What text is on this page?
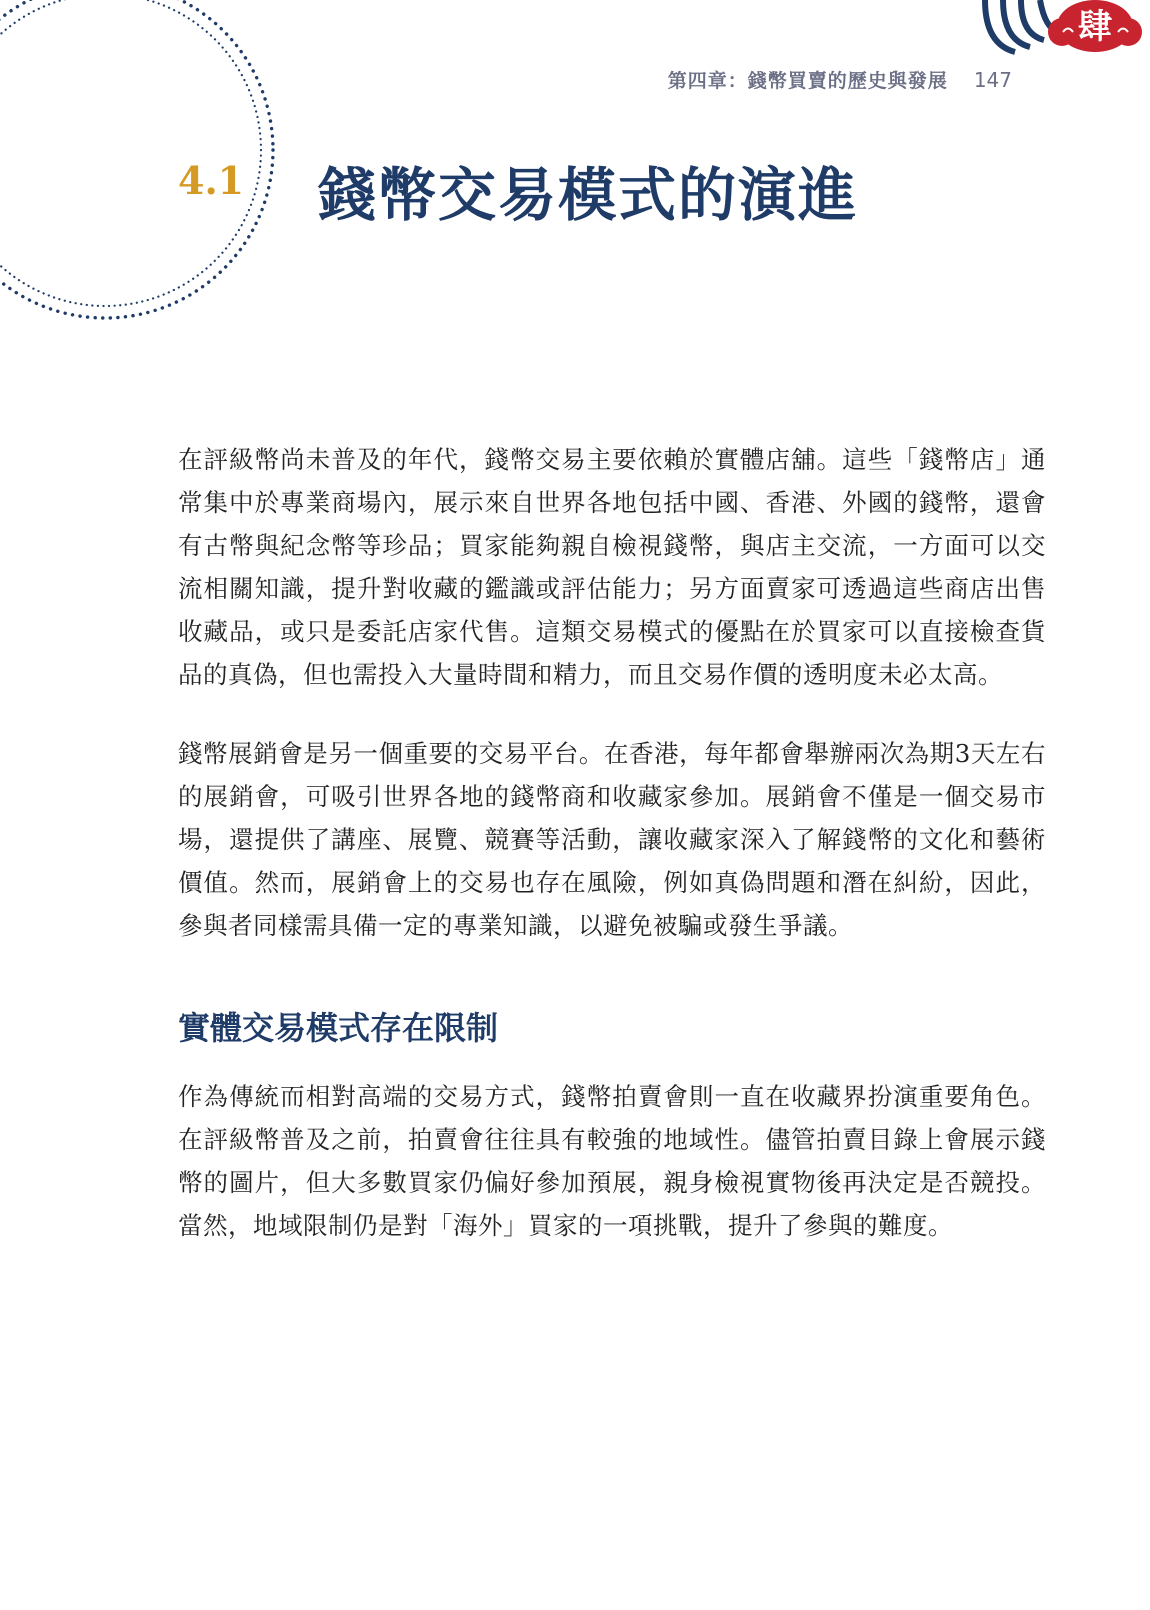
肆
第四章：錢幣買賣的歷史與發展 147
4.1 錢幣交易模式的演進

在評級幣尚未普及的年代，錢幣交易主要依賴於實體店舖。這些「錢幣店」通常集中於專業商場內，展示來自世界各地包括中國、香港、外國的錢幣，還會有古幣與紀念幣等珍品；買家能夠親自檢視錢幣，與店主交流，一方面可以交流相關知識，提升對收藏的鑑識或評估能力；另方面賣家可透過這些商店出售收藏品，或只是委託店家代售。這類交易模式的優點在於買家可以直接檢查貨品的真偽，但也需投入大量時間和精力，而且交易作價的透明度未必太高。

錢幣展銷會是另一個重要的交易平台。在香港，每年都會舉辦兩次為期3天左右的展銷會，可吸引世界各地的錢幣商和收藏家參加。展銷會不僅是一個交易市場，還提供了講座、展覽、競賽等活動，讓收藏家深入了解錢幣的文化和藝術價值。然而，展銷會上的交易也存在風險，例如真偽問題和潛在糾紛，因此，參與者同樣需具備一定的專業知識，以避免被騙或發生爭議。

實體交易模式存在限制

作為傳統而相對高端的交易方式，錢幣拍賣會則一直在收藏界扮演重要角色。在評級幣普及之前，拍賣會往往具有較強的地域性。儘管拍賣目錄上會展示錢幣的圖片，但大多數買家仍偏好參加預展，親身檢視實物後再決定是否競投。當然，地域限制仍是對「海外」買家的一項挑戰，提升了參與的難度。
